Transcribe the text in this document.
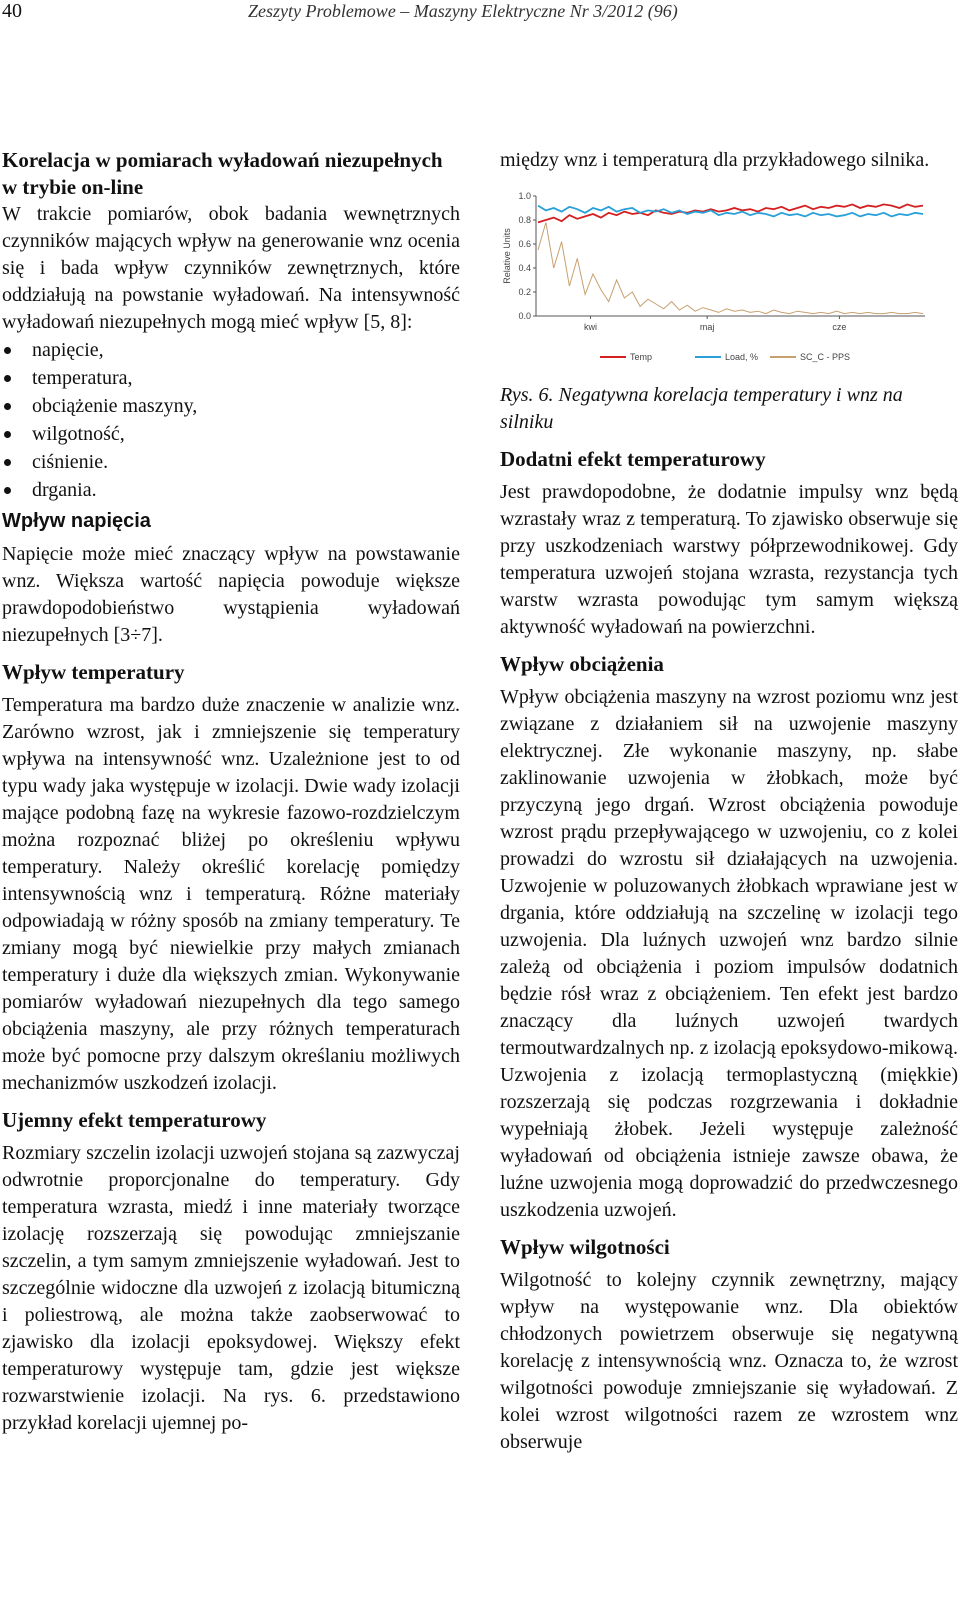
40	Zeszyty Problemowe – Maszyny Elektryczne Nr 3/2012 (96)
Korelacja w pomiarach wyładowań niezupełnych w trybie on-line

W trakcie pomiarów, obok badania wewnętrznych czynników mających wpływ na generowanie wnz ocenia się i bada wpływ czynników zewnętrznych, które oddziałują na powstanie wyładowań. Na intensywność wyładowań niezupełnych mogą mieć wpływ [5, 8]:

napięcie,
temperatura,
obciążenie maszyny,
wilgotność,
ciśnienie.
drgania.
Wpływ napięcia

Napięcie może mieć znaczący wpływ na powstawanie wnz. Większa wartość napięcia powoduje większe prawdopodobieństwo wystąpienia wyładowań niezupełnych [3÷7].

Wpływ temperatury

Temperatura ma bardzo duże znaczenie w analizie wnz. Zarówno wzrost, jak i zmniejszenie się temperatury wpływa na intensywność wnz. Uzależnione jest to od typu wady jaka występuje w izolacji. Dwie wady izolacji mające podobną fazę na wykresie fazowo-rozdzielczym można rozpoznać bliżej po określeniu wpływu temperatury. Należy określić korelację pomiędzy intensywnością wnz i temperaturą. Różne materiały odpowiadają w różny sposób na zmiany temperatury. Te zmiany mogą być niewielkie przy małych zmianach temperatury i duże dla większych zmian. Wykonywanie pomiarów wyładowań niezupełnych dla tego samego obciążenia maszyny, ale przy różnych temperaturach może być pomocne przy dalszym określaniu możliwych mechanizmów uszkodzeń izolacji.

Ujemny efekt temperaturowy

Rozmiary szczelin izolacji uzwojeń stojana są zazwyczaj odwrotnie proporcjonalne do temperatury. Gdy temperatura wzrasta, miedź i inne materiały tworzące izolację rozszerzają się powodując zmniejszanie szczelin, a tym samym zmniejszenie wyładowań. Jest to szczególnie widoczne dla uzwojeń z izolacją bitumiczną i poliestrową, ale można także zaobserwować to zjawisko dla izolacji epoksydowej. Większy efekt temperaturowy występuje tam, gdzie jest większe rozwarstwienie izolacji. Na rys. 6. przedstawiono przykład korelacji ujemnej po-

między wnz i temperaturą dla przykładowego silnika.

0.0
0.2
0.4
0.6
0.8
1.0
Relative Units
kwi	maj	cze
Temp	Load, %	SC_C - PPS

Rys. 6. Negatywna korelacja temperatury i wnz na silniku

Dodatni efekt temperaturowy

Jest prawdopodobne, że dodatnie impulsy wnz będą wzrastały wraz z temperaturą. To zjawisko obserwuje się przy uszkodzeniach warstwy półprzewodnikowej. Gdy temperatura uzwojeń stojana wzrasta, rezystancja tych warstw wzrasta powodując tym samym większą aktywność wyładowań na powierzchni.

Wpływ obciążenia

Wpływ obciążenia maszyny na wzrost poziomu wnz jest związane z działaniem sił na uzwojenie maszyny elektrycznej. Złe wykonanie maszyny, np. słabe zaklinowanie uzwojenia w żłobkach, może być przyczyną jego drgań. Wzrost obciążenia powoduje wzrost prądu przepływającego w uzwojeniu, co z kolei prowadzi do wzrostu sił działających na uzwojenia. Uzwojenie w poluzowanych żłobkach wprawiane jest w drgania, które oddziałują na szczelinę w izolacji tego uzwojenia. Dla luźnych uzwojeń wnz bardzo silnie zależą od obciążenia i poziom impulsów dodatnich będzie rósł wraz z obciążeniem. Ten efekt jest bardzo znaczący dla luźnych uzwojeń twardych termoutwardzalnych np. z izolacją epoksydowo-mikową. Uzwojenia z izolacją termoplastyczną (miękkie) rozszerzają się podczas rozgrzewania i dokładnie wypełniają żłobek. Jeżeli występuje zależność wyładowań od obciążenia istnieje zawsze obawa, że luźne uzwojenia mogą doprowadzić do przedwczesnego uszkodzenia uzwojeń.

Wpływ wilgotności

Wilgotność to kolejny czynnik zewnętrzny, mający wpływ na występowanie wnz. Dla obiektów chłodzonych powietrzem obserwuje się negatywną korelację z intensywnością wnz. Oznacza to, że wzrost wilgotności powoduje zmniejszanie się wyładowań. Z kolei wzrost wilgotności razem ze wzrostem wnz obserwuje
